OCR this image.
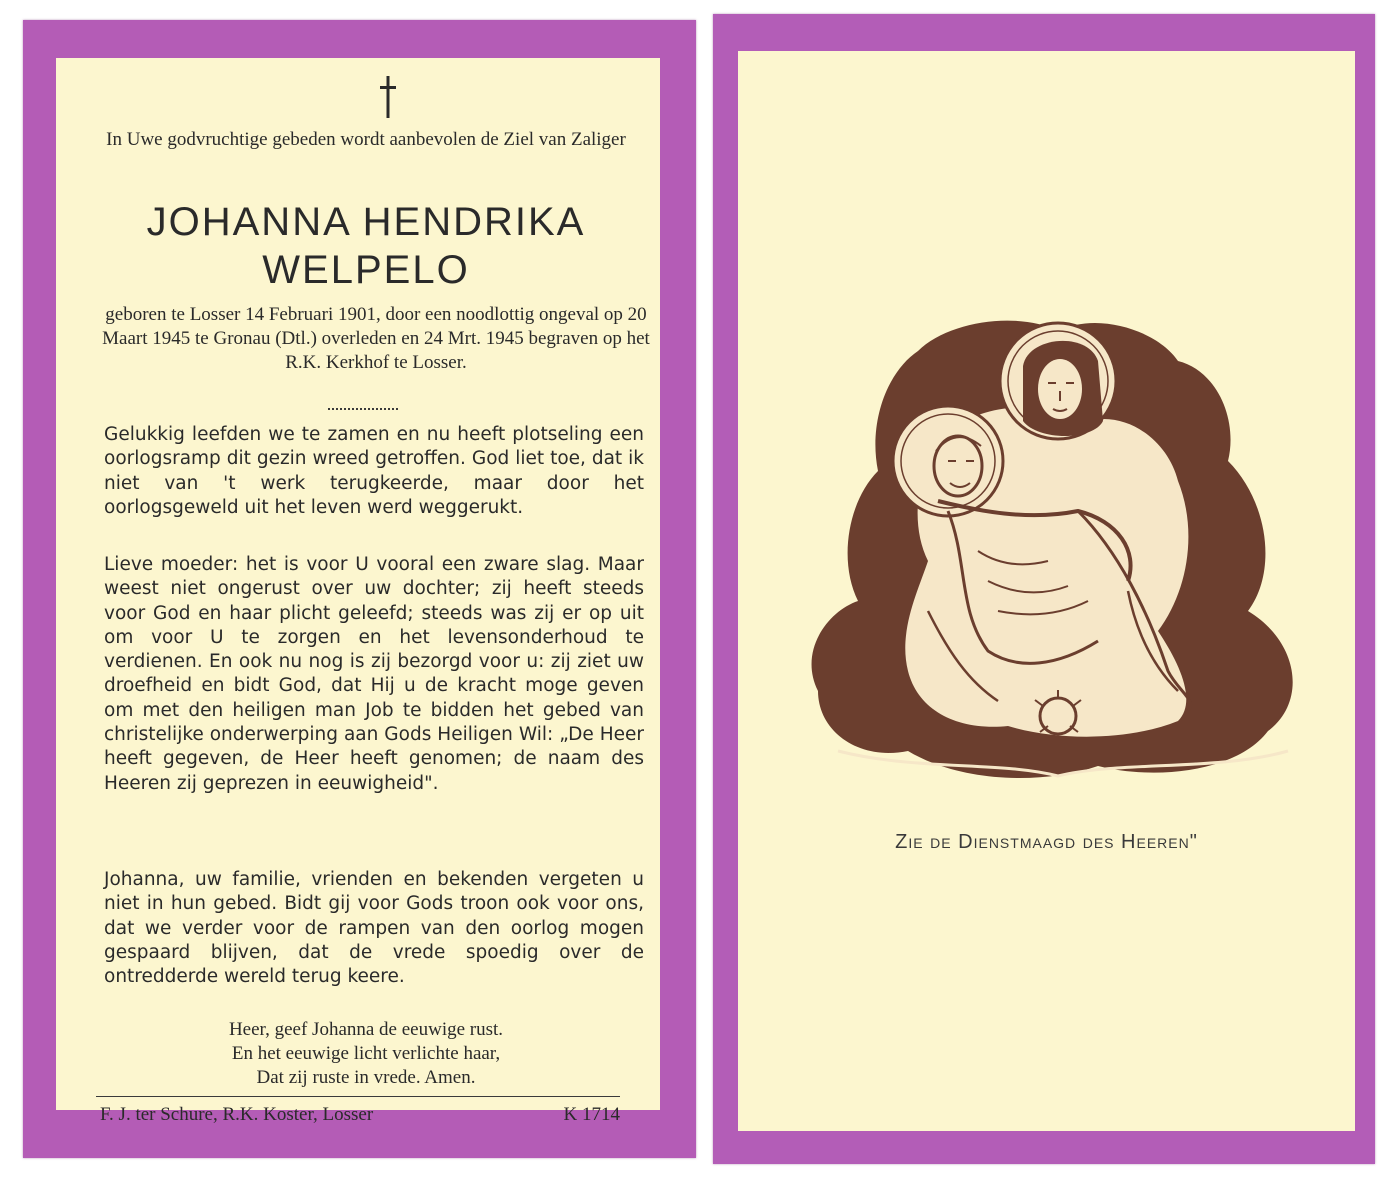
In Uwe godvruchtige gebeden wordt aanbevolen de Ziel van Zaliger
JOHANNA HENDRIKA
WELPELO
geboren te Losser 14 Februari 1901, door een noodlottig ongeval op 20 Maart 1945 te Gronau (Dtl.) overleden en 24 Mrt. 1945 begraven op het R.K. Kerkhof te Losser.
Gelukkig leefden we te zamen en nu heeft plotseling een oorlogsramp dit gezin wreed getroffen. God liet toe, dat ik niet van 't werk terugkeerde, maar door het oorlogsgeweld uit het leven werd weggerukt.
Lieve moeder: het is voor U vooral een zware slag. Maar weest niet ongerust over uw dochter; zij heeft steeds voor God en haar plicht geleefd; steeds was zij er op uit om voor U te zorgen en het levensonderhoud te verdienen. En ook nu nog is zij bezorgd voor u: zij ziet uw droefheid en bidt God, dat Hij u de kracht moge geven om met den heiligen man Job te bidden het gebed van christelijke onderwerping aan Gods Heiligen Wil: „De Heer heeft gegeven, de Heer heeft genomen; de naam des Heeren zij geprezen in eeuwigheid".
Johanna, uw familie, vrienden en bekenden vergeten u niet in hun gebed. Bidt gij voor Gods troon ook voor ons, dat we verder voor de rampen van den oorlog mogen gespaard blijven, dat de vrede spoedig over de ontredderde wereld terug keere.
Heer, geef Johanna de eeuwige rust.
En het eeuwige licht verlichte haar,
Dat zij ruste in vrede. Amen.
F. J. ter Schure, R.K. Koster, Losser	K 1714
Zie de Dienstmaagd des Heeren"
